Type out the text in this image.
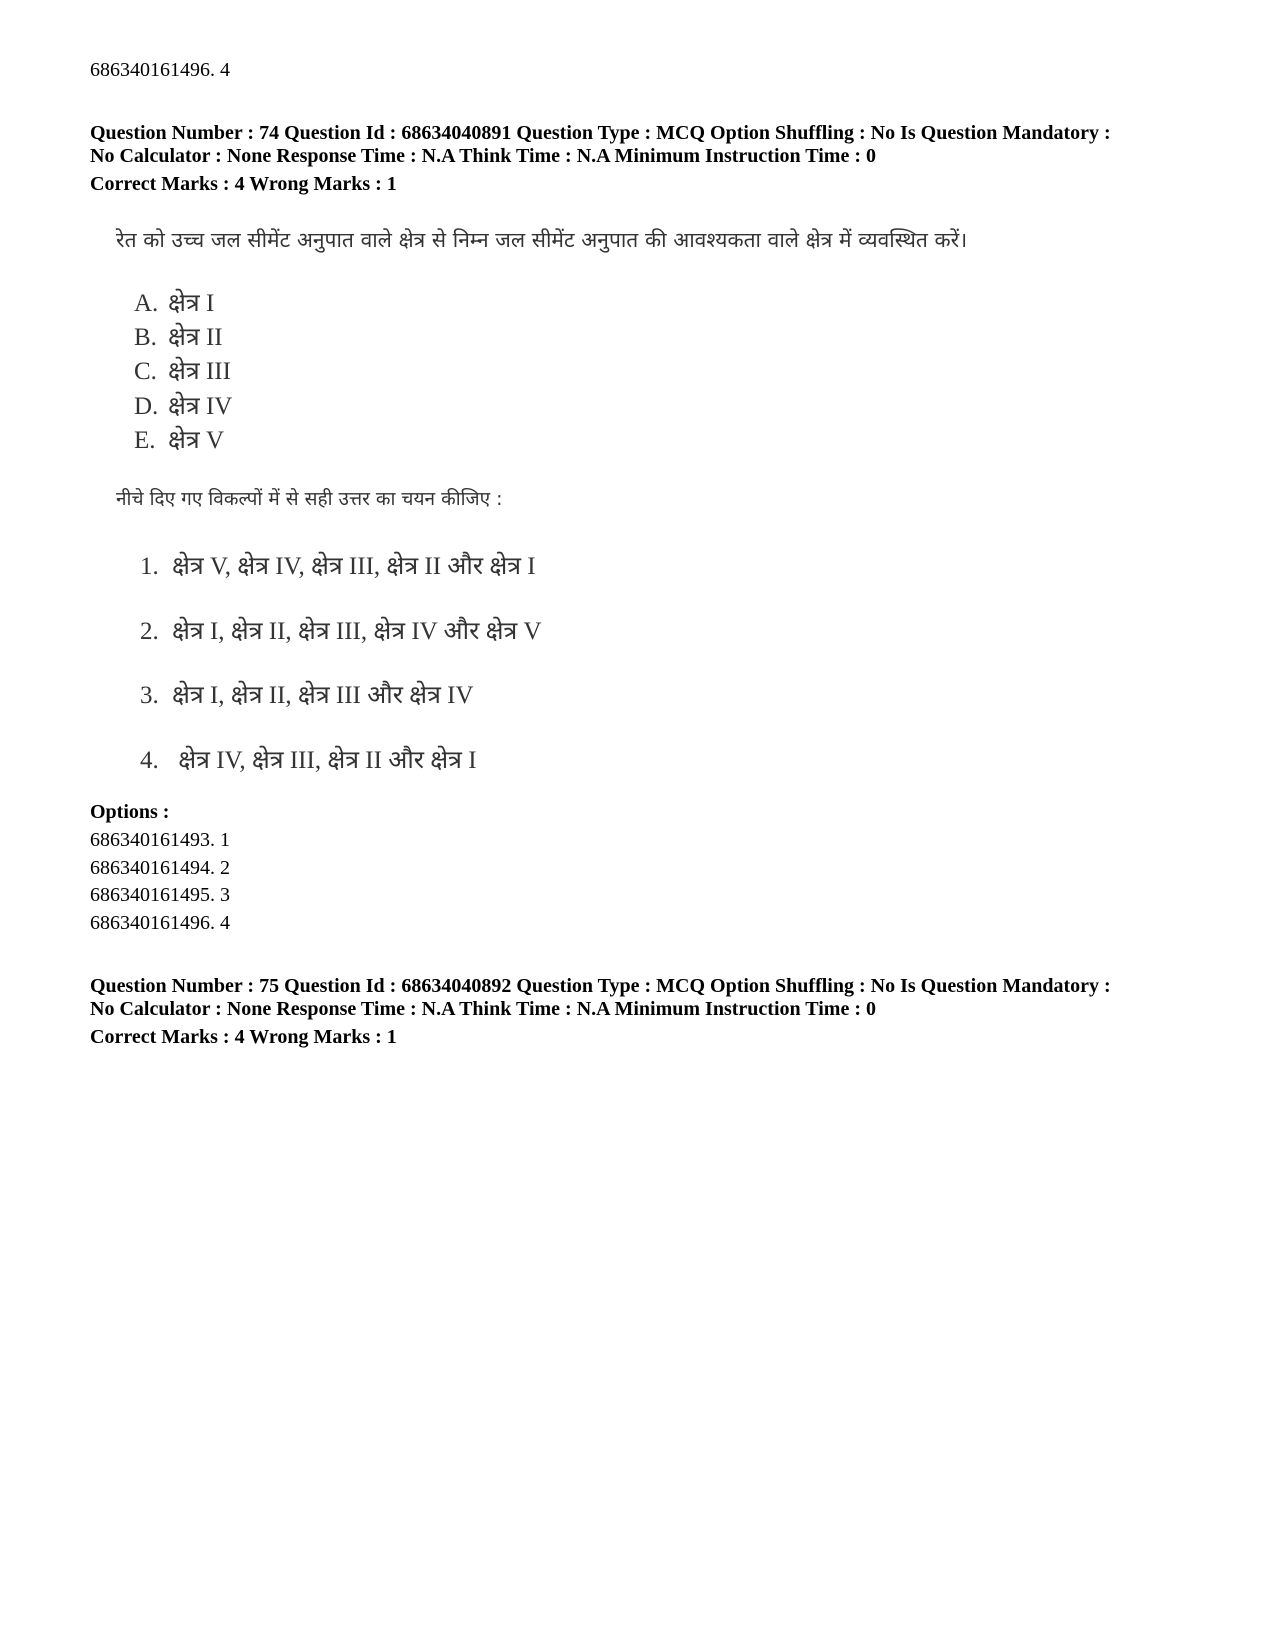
686340161496. 4
Question Number : 74 Question Id : 68634040891 Question Type : MCQ Option Shuffling : No Is Question Mandatory :
No Calculator : None Response Time : N.A Think Time : N.A Minimum Instruction Time : 0
Correct Marks : 4 Wrong Marks : 1
रेत को उच्च जल सीमेंट अनुपात वाले क्षेत्र से निम्न जल सीमेंट अनुपात की आवश्यकता वाले क्षेत्र में व्यवस्थित करें।
A. क्षेत्र I
B. क्षेत्र II
C. क्षेत्र III
D. क्षेत्र IV
E. क्षेत्र V
नीचे दिए गए विकल्पों में से सही उत्तर का चयन कीजिए :
1. क्षेत्र V, क्षेत्र IV, क्षेत्र III, क्षेत्र II और क्षेत्र I
2. क्षेत्र I, क्षेत्र II, क्षेत्र III, क्षेत्र IV और क्षेत्र V
3. क्षेत्र I, क्षेत्र II, क्षेत्र III और क्षेत्र IV
4. क्षेत्र IV, क्षेत्र III, क्षेत्र II और क्षेत्र I
Options :
686340161493. 1
686340161494. 2
686340161495. 3
686340161496. 4
Question Number : 75 Question Id : 68634040892 Question Type : MCQ Option Shuffling : No Is Question Mandatory :
No Calculator : None Response Time : N.A Think Time : N.A Minimum Instruction Time : 0
Correct Marks : 4 Wrong Marks : 1
